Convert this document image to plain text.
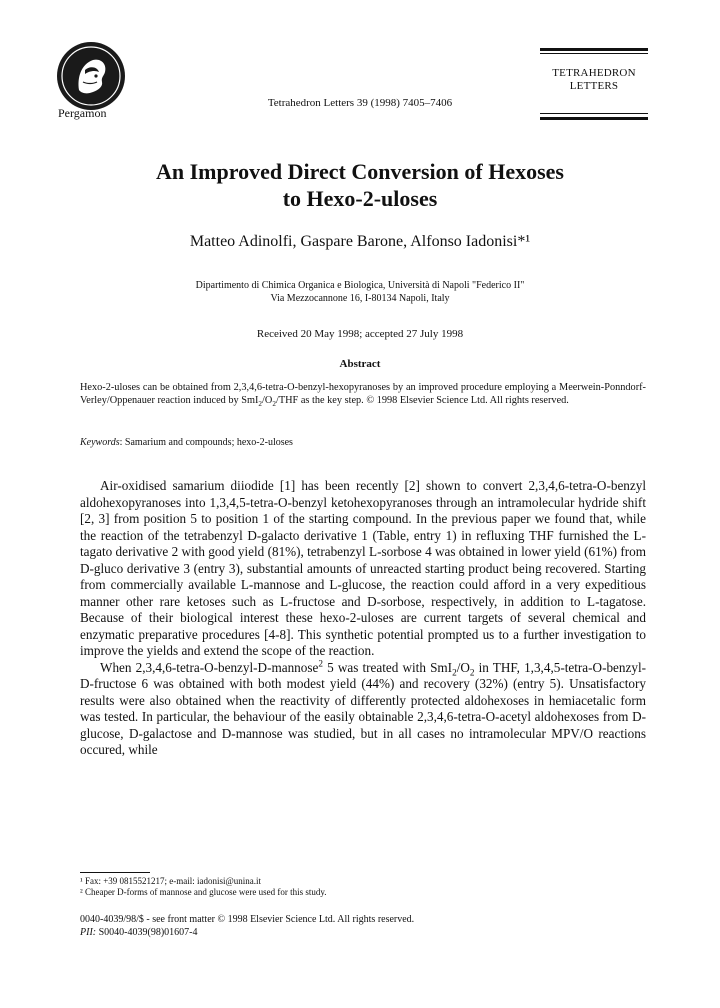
Pergamon
Tetrahedron Letters 39 (1998) 7405–7406
TETRAHEDRON
LETTERS
An Improved Direct Conversion of Hexoses
to Hexo-2-uloses
Matteo Adinolfi, Gaspare Barone, Alfonso Iadonisi*¹
Dipartimento di Chimica Organica e Biologica, Università di Napoli "Federico II"
Via Mezzocannone 16, I-80134 Napoli, Italy
Received 20 May 1998; accepted 27 July 1998
Abstract
Hexo-2-uloses can be obtained from 2,3,4,6-tetra-O-benzyl-hexopyranoses by an improved procedure employing a Meerwein-Ponndorf-Verley/Oppenauer reaction induced by $SmI_2/O_2$/THF as the key step. © 1998 Elsevier Science Ltd. All rights reserved.
Keywords: Samarium and compounds; hexo-2-uloses

Air-oxidised samarium diiodide [1] has been recently [2] shown to convert 2,3,4,6-tetra-O-benzyl aldohexopyranoses into 1,3,4,5-tetra-O-benzyl ketohexopyranoses through an intramolecular hydride shift [2, 3] from position 5 to position 1 of the starting compound. In the previous paper we found that, while the reaction of the tetrabenzyl D-galacto derivative 1 (Table, entry 1) in refluxing THF furnished the L-tagato derivative 2 with good yield (81%), tetrabenzyl L-sorbose 4 was obtained in lower yield (61%) from D-gluco derivative 3 (entry 3), substantial amounts of unreacted starting product being recovered. Starting from commercially available L-mannose and L-glucose, the reaction could afford in a very expeditious manner other rare ketoses such as L-fructose and D-sorbose, respectively, in addition to L-tagatose. Because of their biological interest these hexo-2-uloses are current targets of several chemical and enzymatic preparative procedures [4-8]. This synthetic potential prompted us to a further investigation to improve the yields and extend the scope of the reaction.

When 2,3,4,6-tetra-O-benzyl-D-mannose$^2$ 5 was treated with $SmI_2/O_2$ in THF, 1,3,4,5-tetra-O-benzyl-D-fructose 6 was obtained with both modest yield (44%) and recovery (32%) (entry 5). Unsatisfactory results were also obtained when the reactivity of differently protected aldohexoses in hemiacetalic form was tested. In particular, the behaviour of the easily obtainable 2,3,4,6-tetra-O-acetyl aldohexoses from D-glucose, D-galactose and D-mannose was studied, but in all cases no intramolecular MPV/O reactions occured, while

¹ Fax: +39 0815521217; e-mail: iadonisi@unina.it
² Cheaper D-forms of mannose and glucose were used for this study.
0040-4039/98/$ - see front matter © 1998 Elsevier Science Ltd. All rights reserved.
PII: S0040-4039(98)01607-4
